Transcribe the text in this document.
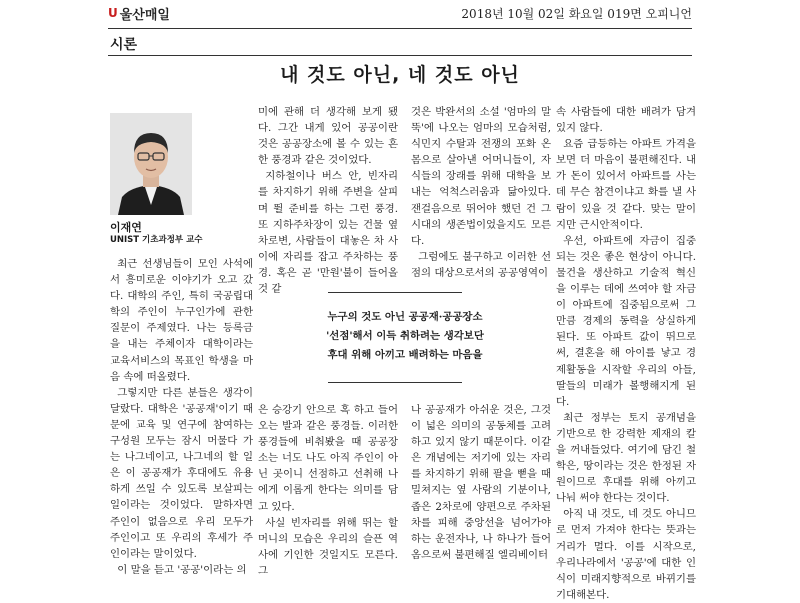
U 울산매일	2018년 10월 02일 화요일 019면 오피니언
시론
내 것도 아닌, 네 것도 아닌
이재연
UNIST 기초과정부 교수

최근 선생님들이 모인 사석에서 흥미로운 이야기가 오고 갔다. 대학의 주인, 특히 국공립대학의 주인이 누구인가에 관한 질문이 주제였다. 나는 등록금을 내는 주체이자 대학이라는 교육서비스의 목표인 학생을 마음 속에 떠올렸다.

그렇지만 다른 분들은 생각이 달랐다. 대학은 '공공재'이기 때문에 교육 및 연구에 참여하는 구성원 모두는 잠시 머물다 가는 나그네이고, 나그네의 할 일은 이 공공재가 후대에도 유용하게 쓰일 수 있도록 보살피는 일이라는 것이었다. 말하자면 주인이 없음으로 우리 모두가 주인이고 또 우리의 후세가 주인이라는 말이었다.

이 말을 듣고 '공공'이라는 의

미에 관해 더 생각해 보게 됐다. 그간 내게 있어 공공이란 것은 공공장소에 볼 수 있는 흔한 풍경과 같은 것이었다.

지하철이나 버스 안, 빈자리를 차지하기 위해 주변을 살피며 뛸 준비를 하는 그런 풍경. 또 지하주차장이 있는 건물 옆 차로변, 사람들이 대놓은 차 사이에 자리를 잡고 주차하는 풍경. 혹은 곧 '만원'불이 들어올 것 같

것은 박완서의 소설 '엄마의 말뚝'에 나오는 엄마의 모습처럼, 식민지 수탈과 전쟁의 포화 온몸으로 살아낸 어머니들이, 자식들의 장래를 위해 대학을 보내는 억척스러움과 닮아있다. 잰걸음으로 뛰어야 했던 건 그 시대의 생존법이었을지도 모른다.

그럼에도 불구하고 이러한 선점의 대상으로서의 공공영역이

속 사람들에 대한 배려가 담겨있지 않다.

요즘 급등하는 아파트 가격을 보면 더 마음이 불편해진다. 내가 돈이 있어서 아파트를 사는데 무슨 참견이냐고 화를 낼 사람이 있을 것 같다. 맞는 말이지만 근시안적이다.

우선, 아파트에 자금이 집중되는 것은 좋은 현상이 아니다. 물건을 생산하고 기술적 혁신을 이루는 데에 쓰여야 할 자금이 아파트에 집중됨으로써 그만큼 경제의 동력을 상실하게 된다. 또 아파트 값이 뛰므로써, 결혼을 해 아이를 낳고 경제활동을 시작할 우리의 아들, 딸들의 미래가 볼행해지게 된다.

최근 정부는 토지 공개념을 기반으로 한 강력한 제재의 칼을 꺼내들었다. 여기에 담긴 철학은, 땅이라는 것은 한정된 자원이므로 후대를 위해 아끼고 나눠 써야 한다는 것이다.

아직 내 것도, 네 것도 아니므로 먼저 가져야 한다는 뜻과는 거리가 멀다. 이를 시작으로, 우리나라에서 '공공'에 대한 인식이 미래지향적으로 바뀌기를 기대해본다.

누구의 것도 아닌 공공재·공공장소
'선점'해서 이득 취하려는 생각보단
후대 위해 아끼고 배려하는 마음을

은 승강기 안으로 혹 하고 들어오는 발과 같은 풍경들. 이러한 풍경들에 비춰봤을 때 공공장소는 너도 나도 아직 주인이 아닌 곳이니 선점하고 선취해 나에게 이롭게 한다는 의미를 담고 있다.

사실 빈자리를 위해 뛰는 할머니의 모습은 우리의 슬픈 역사에 기인한 것일지도 모른다. 그

나 공공재가 아쉬운 것은, 그것이 넓은 의미의 공동체를 고려하고 있지 않기 때문이다. 이같은 개념에는 저기에 있는 자리를 차지하기 위해 팔을 뻗을 때 밀쳐지는 옆 사람의 기분이나, 좁은 2차로에 양편으로 주차된 차를 피해 중앙선을 넘어가야하는 운전자나, 나 하나가 들어옴으로써 불편해질 엘리베이터
